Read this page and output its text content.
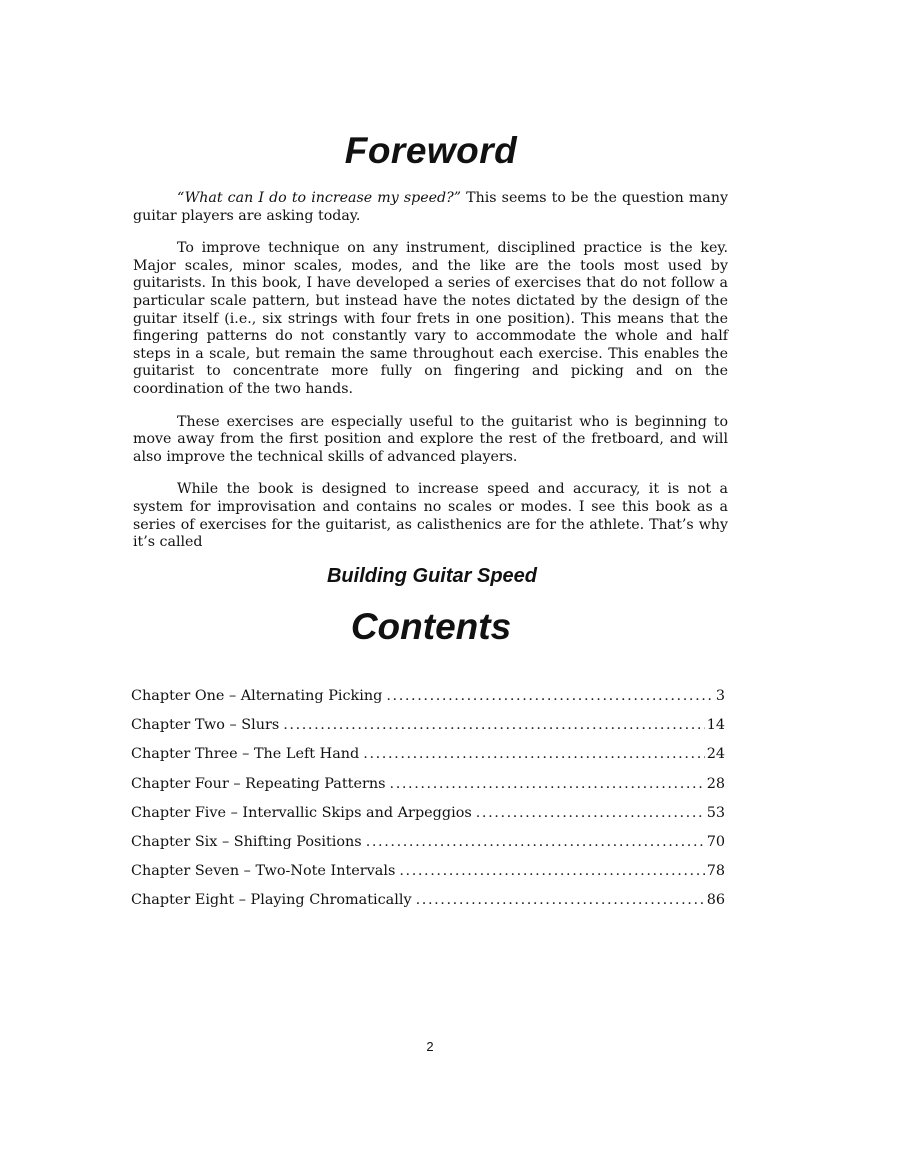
Foreword

“What can I do to increase my speed?” This seems to be the question many guitar players are asking today.

To improve technique on any instrument, disciplined practice is the key. Major scales, minor scales, modes, and the like are the tools most used by guitarists. In this book, I have developed a series of exercises that do not follow a particular scale pattern, but instead have the notes dictated by the design of the guitar itself (i.e., six strings with four frets in one position). This means that the fingering patterns do not constantly vary to accommodate the whole and half steps in a scale, but remain the same throughout each exercise. This enables the guitarist to concentrate more fully on fingering and picking and on the coordination of the two hands.

These exercises are especially useful to the guitarist who is beginning to move away from the first position and explore the rest of the fretboard, and will also improve the technical skills of advanced players.

While the book is designed to increase speed and accuracy, it is not a system for improvisation and contains no scales or modes. I see this book as a series of exercises for the guitarist, as calisthenics are for the athlete. That’s why it’s called

Building Guitar Speed
Contents
Chapter One – Alternating Picking .....	3
Chapter Two – Slurs .....	14
Chapter Three – The Left Hand .....	24
Chapter Four – Repeating Patterns .....	28
Chapter Five – Intervallic Skips and Arpeggios .....	53
Chapter Six – Shifting Positions .....	70
Chapter Seven – Two-Note Intervals .....	78
Chapter Eight – Playing Chromatically .....	86
2
